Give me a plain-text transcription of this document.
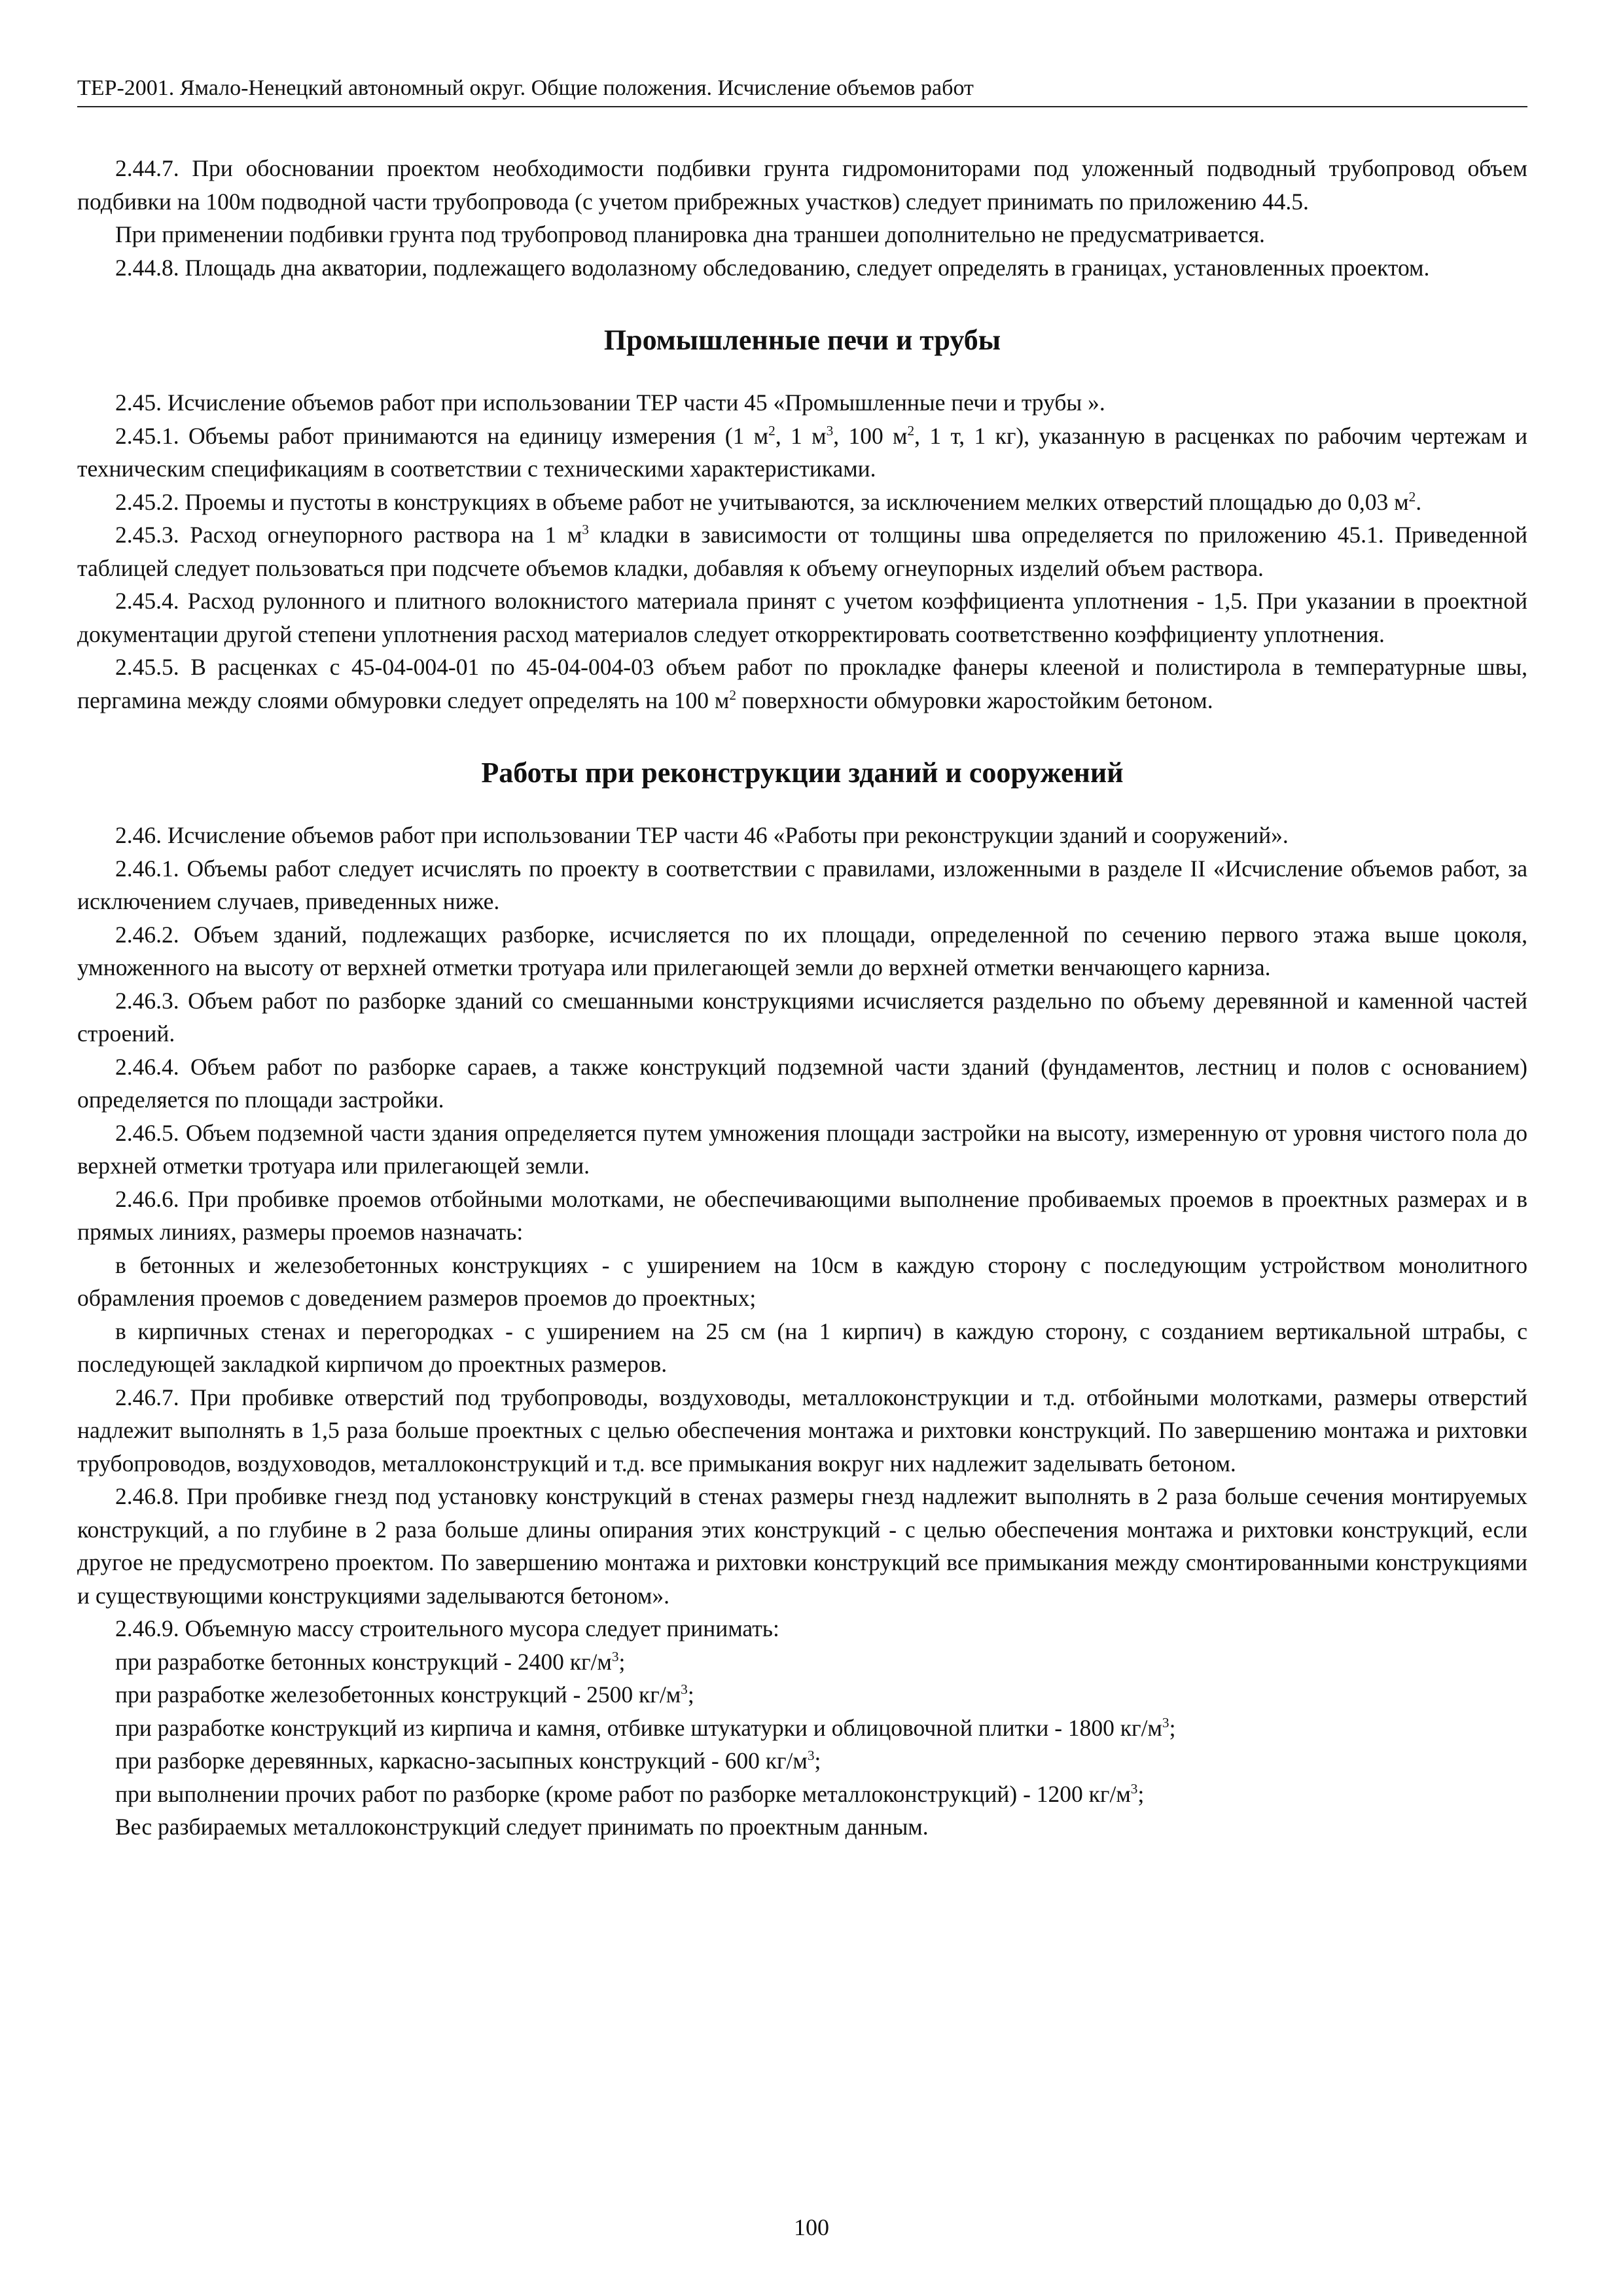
ТЕР-2001. Ямало-Ненецкий автономный округ. Общие положения. Исчисление объемов работ

2.44.7. При обосновании проектом необходимости подбивки грунта гидромониторами под уложенный подводный трубопровод объем подбивки на 100м подводной части трубопровода (с учетом прибрежных участков) следует принимать по приложению 44.5.

При применении подбивки грунта под трубопровод планировка дна траншеи дополнительно не предусматривается.

2.44.8. Площадь дна акватории, подлежащего водолазному обследованию, следует определять в границах, установленных проектом.

Промышленные печи и трубы

2.45. Исчисление объемов работ при использовании ТЕР части 45 «Промышленные печи и трубы ».

2.45.1. Объемы работ принимаются на единицу измерения (1 $м^2$, 1 $м^3$, 100 $м^2$, 1 т, 1 кг), указанную в расценках по рабочим чертежам и техническим спецификациям в соответствии с техническими характеристиками.

2.45.2. Проемы и пустоты в конструкциях в объеме работ не учитываются, за исключением мелких отверстий площадью до 0,03 $м^2$.

2.45.3. Расход огнеупорного раствора на 1 $м^3$ кладки в зависимости от толщины шва определяется по приложению 45.1. Приведенной таблицей следует пользоваться при подсчете объемов кладки, добавляя к объему огнеупорных изделий объем раствора.

2.45.4. Расход рулонного и плитного волокнистого материала принят с учетом коэффициента уплотнения - 1,5. При указании в проектной документации другой степени уплотнения расход материалов следует откорректировать соответственно коэффициенту уплотнения.

2.45.5. В расценках с 45-04-004-01 по 45-04-004-03 объем работ по прокладке фанеры клееной и полистирола в температурные швы, пергамина между слоями обмуровки следует определять на 100 $м^2$ поверхности обмуровки жаростойким бетоном.

Работы при реконструкции зданий и сооружений

2.46. Исчисление объемов работ при использовании ТЕР части 46 «Работы при реконструкции зданий и сооружений».

2.46.1. Объемы работ следует исчислять по проекту в соответствии с правилами, изложенными в разделе II «Исчисление объемов работ, за исключением случаев, приведенных ниже.

2.46.2. Объем зданий, подлежащих разборке, исчисляется по их площади, определенной по сечению первого этажа выше цоколя, умноженного на высоту от верхней отметки тротуара или прилегающей земли до верхней отметки венчающего карниза.

2.46.3. Объем работ по разборке зданий со смешанными конструкциями исчисляется раздельно по объему деревянной и каменной частей строений.

2.46.4. Объем работ по разборке сараев, а также конструкций подземной части зданий (фундаментов, лестниц и полов с основанием) определяется по площади застройки.

2.46.5. Объем подземной части здания определяется путем умножения площади застройки на высоту, измеренную от уровня чистого пола до верхней отметки тротуара или прилегающей земли.

2.46.6. При пробивке проемов отбойными молотками, не обеспечивающими выполнение пробиваемых проемов в проектных размерах и в прямых линиях, размеры проемов назначать:

в бетонных и железобетонных конструкциях - с уширением на 10см в каждую сторону с последующим устройством монолитного обрамления проемов с доведением размеров проемов до проектных;

в кирпичных стенах и перегородках - с уширением на 25 см (на 1 кирпич) в каждую сторону, с созданием вертикальной штрабы, с последующей закладкой кирпичом до проектных размеров.

2.46.7. При пробивке отверстий под трубопроводы, воздуховоды, металлоконструкции и т.д. отбойными молотками, размеры отверстий надлежит выполнять в 1,5 раза больше проектных с целью обеспечения монтажа и рихтовки конструкций. По завершению монтажа и рихтовки трубопроводов, воздуховодов, металлоконструкций и т.д. все примыкания вокруг них надлежит заделывать бетоном.

2.46.8. При пробивке гнезд под установку конструкций в стенах размеры гнезд надлежит выполнять в 2 раза больше сечения монтируемых конструкций, а по глубине в 2 раза больше длины опирания этих конструкций - с целью обеспечения монтажа и рихтовки конструкций, если другое не предусмотрено проектом. По завершению монтажа и рихтовки конструкций все примыкания между смонтированными конструкциями и существующими конструкциями заделываются бетоном».

2.46.9. Объемную массу строительного мусора следует принимать:

при разработке бетонных конструкций - 2400 $кг/м^3$;

при разработке железобетонных конструкций - 2500 $кг/м^3$;

при разработке конструкций из кирпича и камня, отбивке штукатурки и облицовочной плитки - 1800 $кг/м^3$;

при разборке деревянных, каркасно-засыпных конструкций - 600 $кг/м^3$;

при выполнении прочих работ по разборке (кроме работ по разборке металлоконструкций) - 1200 $кг/м^3$;

Вес разбираемых металлоконструкций следует принимать по проектным данным.

100
